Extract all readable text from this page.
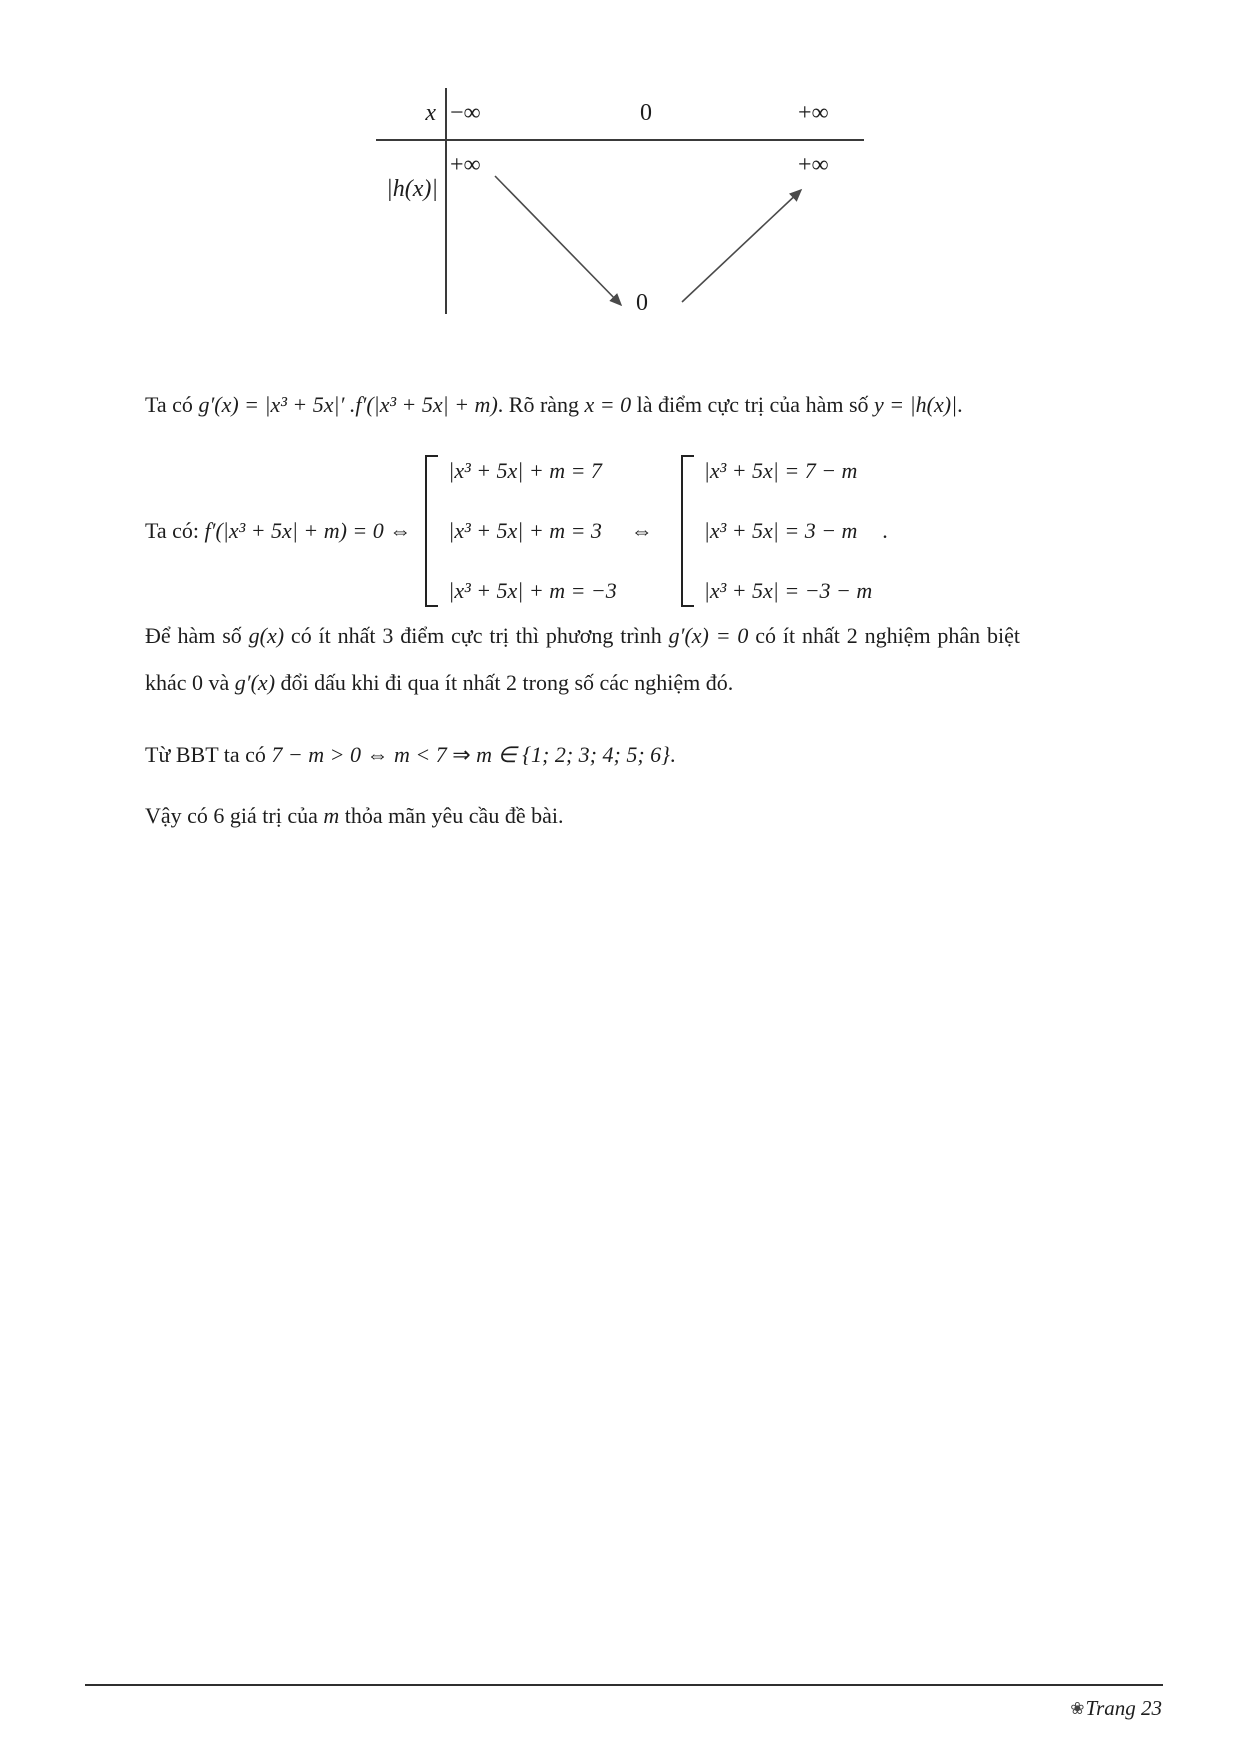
x −∞	0	+∞
+∞
|h(x)|
+∞
0
Ta có g′(x) = |x³ + 5x|′ .f′(|x³ + 5x| + m). Rõ ràng x = 0 là điểm cực trị của hàm số y = |h(x)|.
Ta có: f′(|x³ + 5x| + m) = 0 ⇔
|x³ + 5x| + m = 7
|x³ + 5x| + m = 3
|x³ + 5x| + m = −3
⇔
|x³ + 5x| = 7 − m
|x³ + 5x| = 3 − m
|x³ + 5x| = −3 − m
.
Để hàm số g(x) có ít nhất 3 điểm cực trị thì phương trình g′(x) = 0 có ít nhất 2 nghiệm phân biệt khác 0 và g′(x) đổi dấu khi đi qua ít nhất 2 trong số các nghiệm đó.
Từ BBT ta có 7 − m > 0 ⇔ m < 7 ⇒ m ∈ {1; 2; 3; 4; 5; 6}.
Vậy có 6 giá trị của m thỏa mãn yêu cầu đề bài.
❀Trang 23
